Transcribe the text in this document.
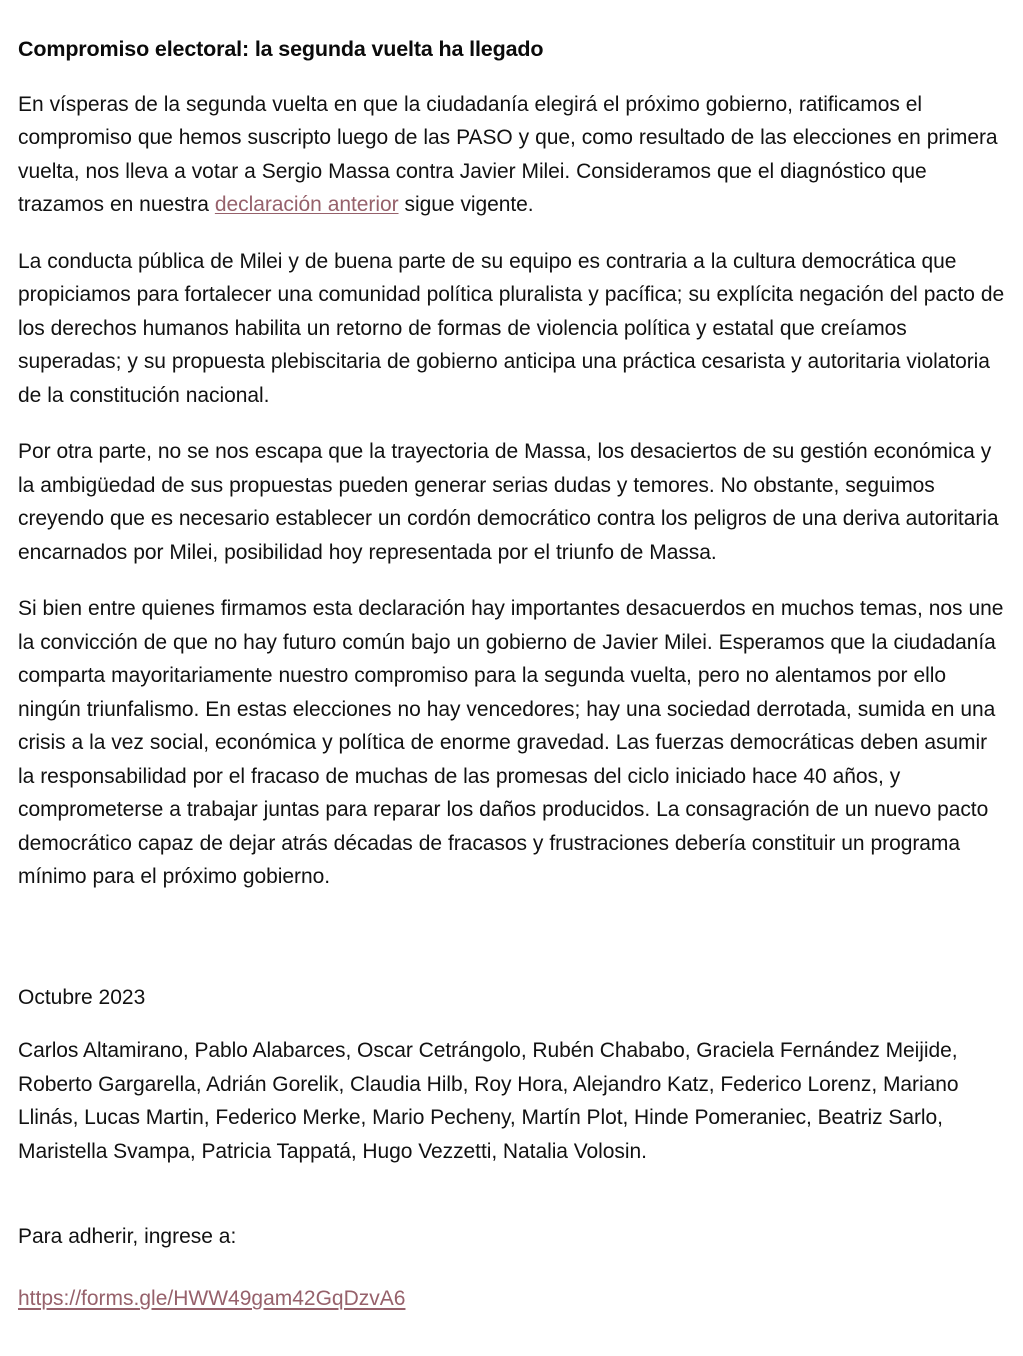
Compromiso electoral: la segunda vuelta ha llegado

En vísperas de la segunda vuelta en que la ciudadanía elegirá el próximo gobierno, ratificamos el compromiso que hemos suscripto luego de las PASO y que, como resultado de las elecciones en primera vuelta, nos lleva a votar a Sergio Massa contra Javier Milei. Consideramos que el diagnóstico que trazamos en nuestra declaración anterior sigue vigente.

La conducta pública de Milei y de buena parte de su equipo es contraria a la cultura democrática que propiciamos para fortalecer una comunidad política pluralista y pacífica; su explícita negación del pacto de los derechos humanos habilita un retorno de formas de violencia política y estatal que creíamos superadas; y su propuesta plebiscitaria de gobierno anticipa una práctica cesarista y autoritaria violatoria de la constitución nacional.

Por otra parte, no se nos escapa que la trayectoria de Massa, los desaciertos de su gestión económica y la ambigüedad de sus propuestas pueden generar serias dudas y temores. No obstante, seguimos creyendo que es necesario establecer un cordón democrático contra los peligros de una deriva autoritaria encarnados por Milei, posibilidad hoy representada por el triunfo de Massa.

Si bien entre quienes firmamos esta declaración hay importantes desacuerdos en muchos temas, nos une la convicción de que no hay futuro común bajo un gobierno de Javier Milei. Esperamos que la ciudadanía comparta mayoritariamente nuestro compromiso para la segunda vuelta, pero no alentamos por ello ningún triunfalismo. En estas elecciones no hay vencedores; hay una sociedad derrotada, sumida en una crisis a la vez social, económica y política de enorme gravedad. Las fuerzas democráticas deben asumir la responsabilidad por el fracaso de muchas de las promesas del ciclo iniciado hace 40 años, y comprometerse a trabajar juntas para reparar los daños producidos. La consagración de un nuevo pacto democrático capaz de dejar atrás décadas de fracasos y frustraciones debería constituir un programa mínimo para el próximo gobierno.

Octubre 2023

Carlos Altamirano, Pablo Alabarces, Oscar Cetrángolo, Rubén Chababo, Graciela Fernández Meijide, Roberto Gargarella, Adrián Gorelik, Claudia Hilb, Roy Hora, Alejandro Katz, Federico Lorenz, Mariano Llinás, Lucas Martin, Federico Merke, Mario Pecheny, Martín Plot, Hinde Pomeraniec, Beatriz Sarlo, Maristella Svampa, Patricia Tappatá, Hugo Vezzetti, Natalia Volosin.

Para adherir, ingrese a:

https://forms.gle/HWW49gam42GqDzvA6
